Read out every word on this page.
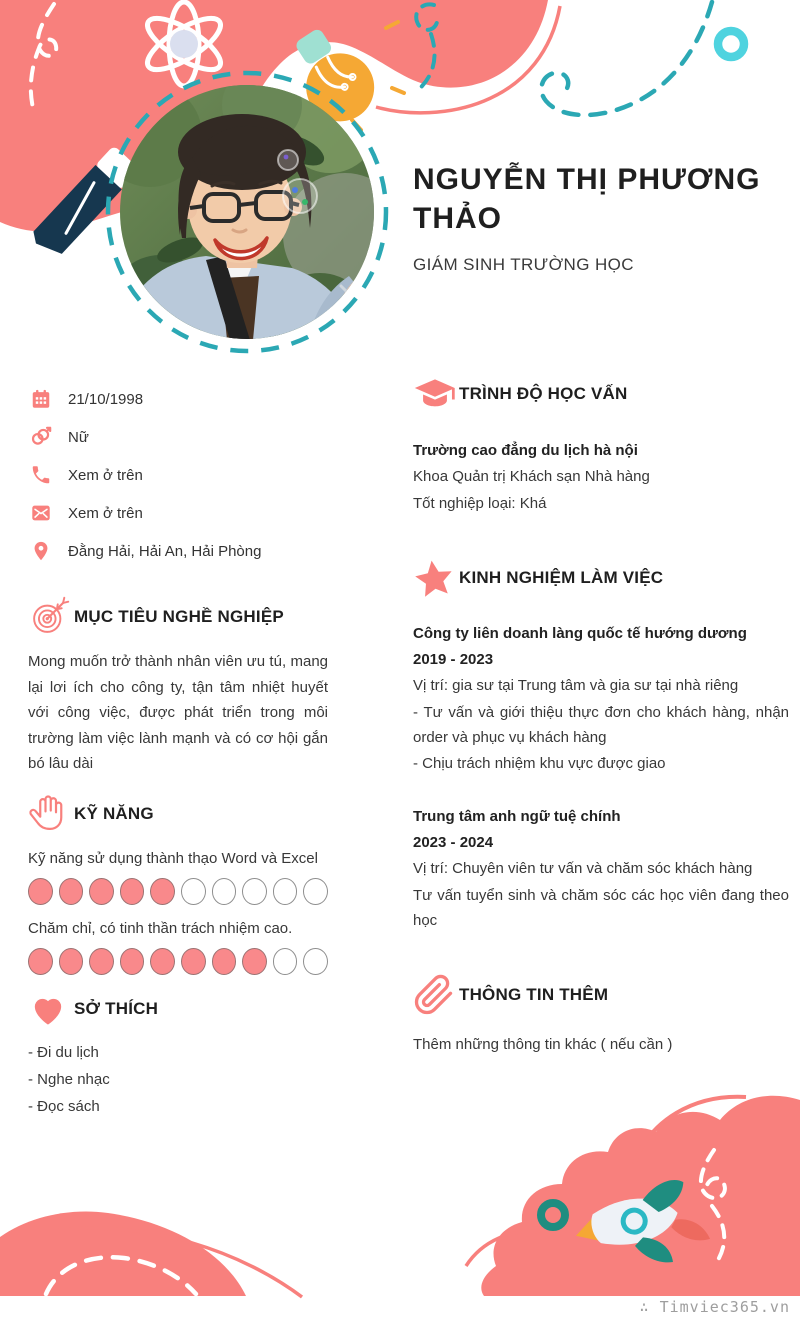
NGUYỄN THỊ PHƯƠNG THẢO
GIÁM SINH TRƯỜNG HỌC
21/10/1998
Nữ
Xem ở trên
Xem ở trên
Đằng Hải, Hải An, Hải Phòng
MỤC TIÊU NGHỀ NGHIỆP
Mong muốn trở thành nhân viên ưu tú, mang lại lơi ích cho công ty, tận tâm nhiệt huyết với công việc, được phát triển trong môi trường làm việc lành mạnh và có cơ hội gắn bó lâu dài
KỸ NĂNG
Kỹ năng sử dụng thành thạo Word và Excel
Chăm chỉ, có tinh thần trách nhiệm cao.
SỞ THÍCH
- Đi du lịch
- Nghe nhạc
- Đọc sách
TRÌNH ĐỘ HỌC VẤN
Trường cao đẳng du lịch hà nội
Khoa Quản trị Khách sạn Nhà hàng
Tốt nghiệp loại: Khá
KINH NGHIỆM LÀM VIỆC
Công ty liên doanh làng quốc tế hướng dương
2019 - 2023
Vị trí: gia sư tại Trung tâm và gia sư tại nhà riêng
- Tư vấn và giới thiệu thực đơn cho khách hàng, nhận order và phục vụ khách hàng
- Chịu trách nhiệm khu vực được giao
Trung tâm anh ngữ tuệ chính
2023 - 2024
Vị trí: Chuyên viên tư vấn và chăm sóc khách hàng
Tư vấn tuyển sinh và chăm sóc các học viên đang theo học
THÔNG TIN THÊM
Thêm những thông tin khác ( nếu cần )
∴ Timviec365.vn
